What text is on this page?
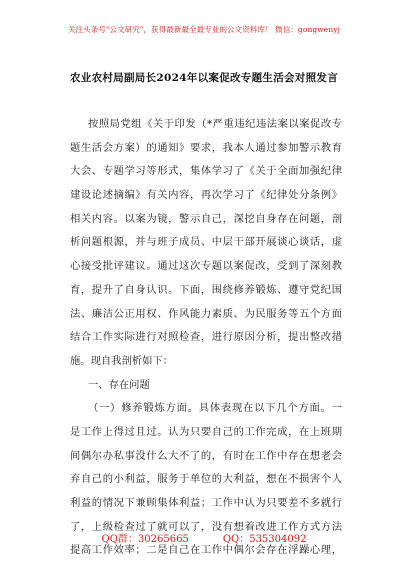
关注头条号"公文研究"，获得最新最全最专业的公文资料库！ 微信：gongwenyj
农业农村局副局长2024年以案促改专题生活会对照发言
按照局党组《关于印发（*严重违纪违法案以案促改专
题生活会方案）的通知》要求，我本人通过参加警示教育
大会、专题学习等形式，集体学习了《关于全面加强纪律
建设论述摘编》有关内容，再次学习了《纪律处分条例》
相关内容。以案为镜，警示自己，深挖自身存在问题，剖
析问题根源，并与班子成员、中层干部开展谈心谈话，虚
心接受批评建议。通过这次专题以案促改，受到了深刻教
育，提升了自身认识。下面，围绕修养锻炼、遵守党纪国
法、廉洁公正用权、作风能力素质、为民服务等五个方面
结合工作实际进行对照检查，进行原因分析，提出整改措
施。现自我剖析如下：
一、存在问题
（一）修养锻炼方面。具体表现在以下几个方面。一
是工作上得过且过。认为只要自己的工作完成，在上班期
间偶尔办私事没什么大不了的，有时在工作中存在想老会
弃自己的小利益，服务于单位的大利益，想在不损害个人
利益的情况下兼顾集体利益；工作中认为只要差不多就行
了，上级检查过了就可以了，没有想着改进工作方式方法
提高工作效率；二是自己在工作中偶尔会存在浮躁心理，
QQ群：30265665	QQ：535304092
